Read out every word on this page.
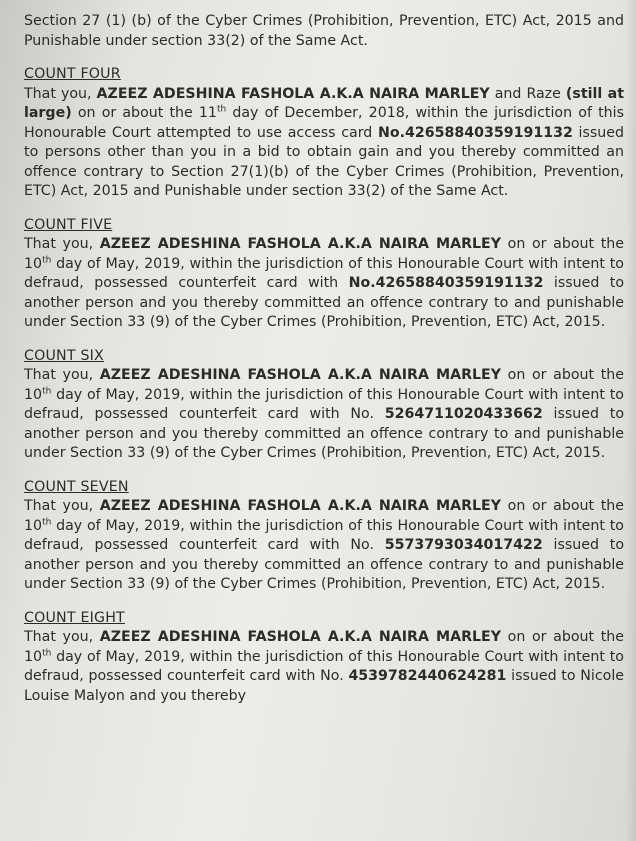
Section 27 (1) (b) of the Cyber Crimes (Prohibition, Prevention, ETC) Act, 2015 and Punishable under section 33(2) of the Same Act.

COUNT FOUR

That you, AZEEZ ADESHINA FASHOLA A.K.A NAIRA MARLEY and Raze (still at large) on or about the 11th day of December, 2018, within the jurisdiction of this Honourable Court attempted to use access card No.42658840359191132 issued to persons other than you in a bid to obtain gain and you thereby committed an offence contrary to Section 27(1)(b) of the Cyber Crimes (Prohibition, Prevention, ETC) Act, 2015 and Punishable under section 33(2) of the Same Act.

COUNT FIVE

That you, AZEEZ ADESHINA FASHOLA A.K.A NAIRA MARLEY on or about the 10th day of May, 2019, within the jurisdiction of this Honourable Court with intent to defraud, possessed counterfeit card with No.42658840359191132 issued to another person and you thereby committed an offence contrary to and punishable under Section 33 (9) of the Cyber Crimes (Prohibition, Prevention, ETC) Act, 2015.

COUNT SIX

That you, AZEEZ ADESHINA FASHOLA A.K.A NAIRA MARLEY on or about the 10th day of May, 2019, within the jurisdiction of this Honourable Court with intent to defraud, possessed counterfeit card with No. 5264711020433662 issued to another person and you thereby committed an offence contrary to and punishable under Section 33 (9) of the Cyber Crimes (Prohibition, Prevention, ETC) Act, 2015.

COUNT SEVEN

That you, AZEEZ ADESHINA FASHOLA A.K.A NAIRA MARLEY on or about the 10th day of May, 2019, within the jurisdiction of this Honourable Court with intent to defraud, possessed counterfeit card with No. 5573793034017422 issued to another person and you thereby committed an offence contrary to and punishable under Section 33 (9) of the Cyber Crimes (Prohibition, Prevention, ETC) Act, 2015.

COUNT EIGHT

That you, AZEEZ ADESHINA FASHOLA A.K.A NAIRA MARLEY on or about the 10th day of May, 2019, within the jurisdiction of this Honourable Court with intent to defraud, possessed counterfeit card with No. 4539782440624281 issued to Nicole Louise Malyon and you thereby
